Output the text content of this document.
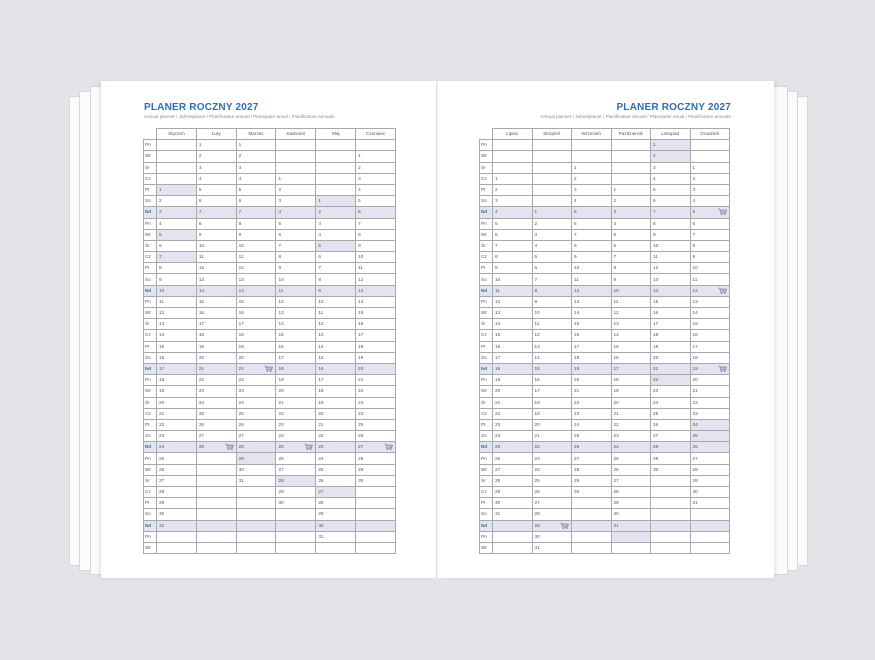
PLANER ROCZNY 2027
Annual planner / Jahresplaner / Planificateur annuel / Planejador anual / Pianificatore annuale
	Styczeń	Luty	Marzec	Kwiecień	Maj	Czerwiec
Pn		1	1			
Wt		2	2			1
Śr		3	3			2
Cz		4	4	1		3
Pt	1	5	5	2		4
So	2	6	6	3	1	5
Nd	3	7	7	4	2	6
Pn	4	8	8	5	3	7
Wt	5	9	9	6	4	8
Śr	6	10	10	7	5	9
Cz	7	11	11	8	6	10
Pt	8	12	12	9	7	11
So	9	13	13	10	8	12
Nd	10	14	14	11	9	13
Pn	11	15	15	12	10	14
Wt	12	16	16	13	11	15
Śr	13	17	17	14	12	16
Cz	14	18	18	15	13	17
Pt	15	19	19	16	14	18
So	16	20	20	17	15	19
Nd	17	21	21	18	16	20
Pn	18	22	22	19	17	21
Wt	19	23	23	20	18	22
Śr	20	24	24	21	19	23
Cz	21	25	25	22	20	24
Pt	22	26	26	23	21	25
So	23	27	27	24	22	26
Nd	24	28	28	25	23	27

Pn	25		29	26	24	28
Wt	26		30	27	25	29
Śr	27		31	28	26	30
Cz	28			29	27	
Pt	29			30	28	
So	30				29	
Nd	31				30	
Pn					31	
Wt						
PLANER ROCZNY 2027
Annual planner / Jahresplaner / Planificateur annuel / Planejador anual / Pianificatore annuale
	Lipiec	Sierpień	Wrzesień	Październik	Listopad	Grudzień
Pn					1	
Wt					2	
Śr			1		3	1
Cz	1		2		4	2
Pt	2		3	1	5	3
So	3		4	2	6	4
Nd	4	1	5	3	7	5

Pn	5	2	6	4	8	6
Wt	6	3	7	5	9	7
Śr	7	4	8	6	10	8
Cz	8	5	9	7	11	9
Pt	9	6	10	8	12	10
So	10	7	11	9	13	11
Nd	11	8	12	10	14	12

Pn	12	9	13	11	15	13
Wt	13	10	14	12	16	14
Śr	14	11	15	13	17	15
Cz	15	12	16	14	18	16
Pt	16	13	17	15	19	17
So	17	14	18	16	20	18
Nd	18	15	19	17	21	19

Pn	19	16	20	18	22	20
Wt	20	17	21	19	23	21
Śr	21	18	22	20	24	22
Cz	22	19	23	21	25	23
Pt	23	20	24	22	26	24
So	24	21	25	23	27	25
Nd	25	22	26	24	28	26
Pn	26	23	27	25	29	27
Wt	27	24	28	26	30	28
Śr	28	25	29	27		29
Cz	29	26	30	28		30
Pt	30	27		29		31
So	31	28		30		
Nd		29		31		
Pn		30				
Wt		31				
